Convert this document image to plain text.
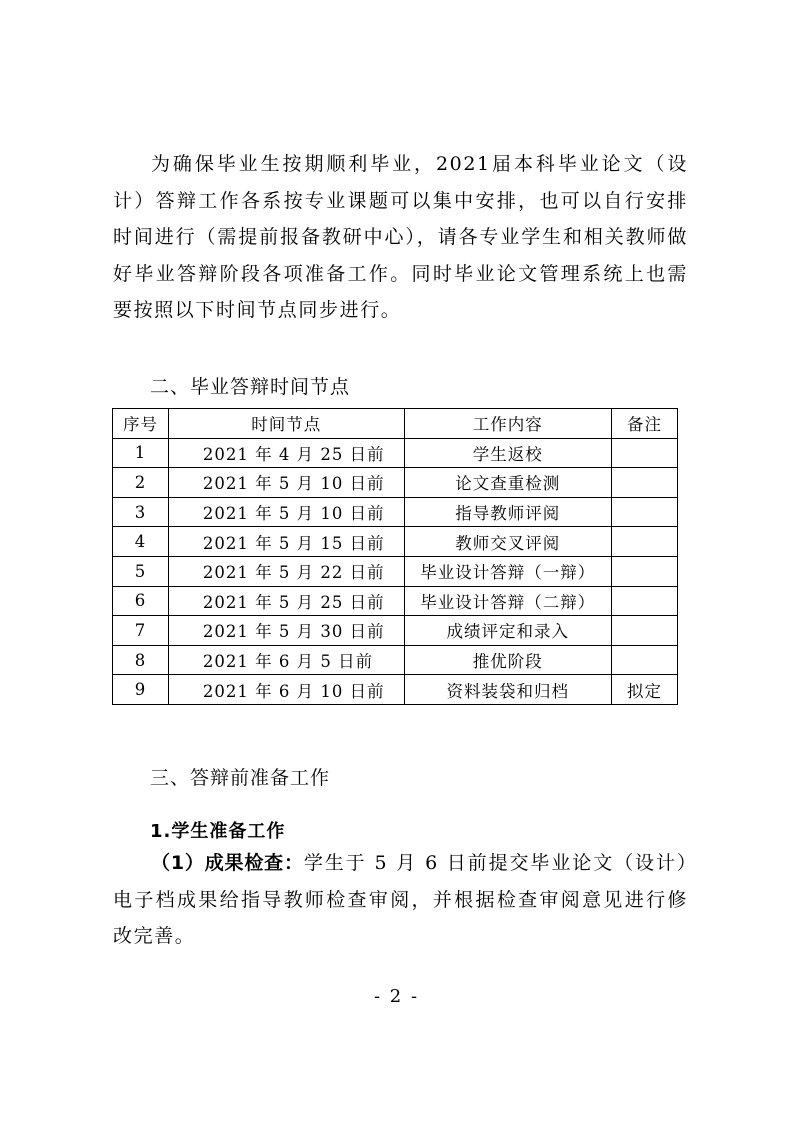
为确保毕业生按期顺利毕业，2021届本科毕业论文（设计）答辩工作各系按专业课题可以集中安排，也可以自行安排时间进行（需提前报备教研中心），请各专业学生和相关教师做好毕业答辩阶段各项准备工作。同时毕业论文管理系统上也需要按照以下时间节点同步进行。

二、毕业答辩时间节点

序号	时间节点	工作内容	备注
1	2021 年 4 月 25 日前	学生返校	
2	2021 年 5 月 10 日前	论文查重检测	
3	2021 年 5 月 10 日前	指导教师评阅	
4	2021 年 5 月 15 日前	教师交叉评阅	
5	2021 年 5 月 22 日前	毕业设计答辩（一辩）	
6	2021 年 5 月 25 日前	毕业设计答辩（二辩）	
7	2021 年 5 月 30 日前	成绩评定和录入	
8	2021 年 6 月 5 日前	推优阶段	
9	2021 年 6 月 10 日前	资料装袋和归档	拟定

三、答辩前准备工作

1.学生准备工作

（1）成果检查：学生于 5 月 6 日前提交毕业论文（设计）电子档成果给指导教师检查审阅，并根据检查审阅意见进行修改完善。

- 2 -
